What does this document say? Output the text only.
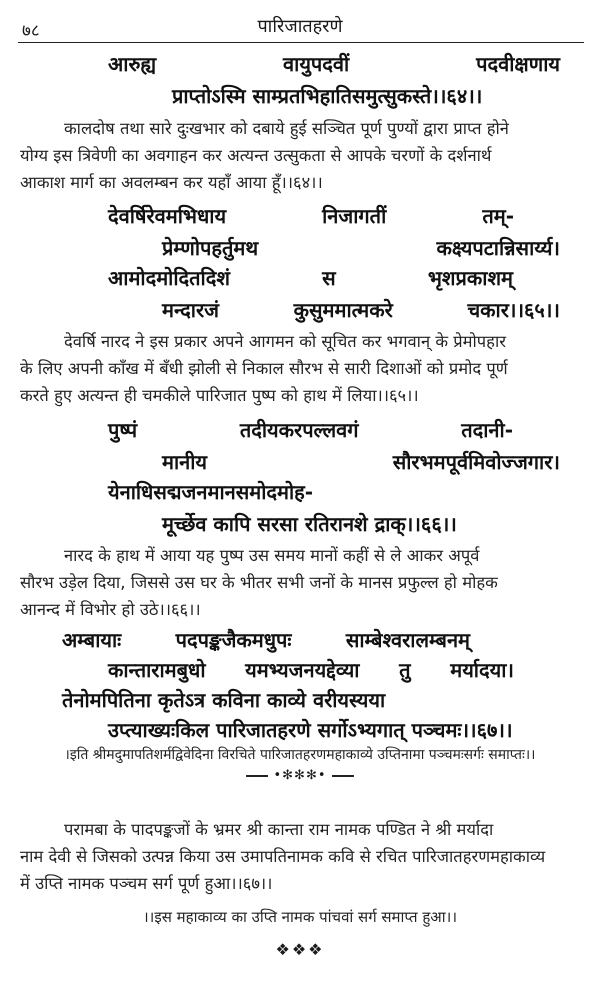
७८	पारिजातहरणे
आरुह्य	वायुपदवीं	पदवीक्षणाय
प्राप्तोऽस्मि साम्प्रतभिहातिसमुत्सुकस्ते।।६४।।
कालदोष तथा सारे दुःखभार को दबाये हुई सञ्चित पूर्ण पुण्यों द्वारा प्राप्त होने
योग्य इस त्रिवेणी का अवगाहन कर अत्यन्त उत्सुकता से आपके चरणों के दर्शनार्थ
आकाश मार्ग का अवलम्बन कर यहाँ आया हूँ।।६४।।
देवर्षिरेवमभिधाय	निजागतीं	तम्-
प्रेम्णोपहर्तुमथ	कक्ष्यपटान्निसार्य्य।
आमोदमोदितदिशं	स	भृशप्रकाशम्
मन्दारजं	कुसुममात्मकरे	चकार।।६५।।
देवर्षि नारद ने इस प्रकार अपने आगमन को सूचित कर भगवान् के प्रेमोपहार
के लिए अपनी काँख में बँधी झोली से निकाल सौरभ से सारी दिशाओं को प्रमोद पूर्ण
करते हुए अत्यन्त ही चमकीले पारिजात पुष्प को हाथ में लिया।।६५।।
पुष्पं	तदीयकरपल्लवगं	तदानी-
मानीय	सौरभमपूर्वमिवोज्जगार।
येनाधिसद्मजनमानसमोदमोह-
मूर्च्छेव कापि सरसा रतिरानशे द्राक्।।६६।।
नारद के हाथ में आया यह पुष्प उस समय मानों कहीं से ले आकर अपूर्व
सौरभ उड़ेल दिया, जिससे उस घर के भीतर सभी जनों के मानस प्रफुल्ल हो मोहक
आनन्द में विभोर हो उठे।।६६।।
अम्बायाः	पदपङ्कजैकमधुपः	साम्बेश्वरालम्बनम्
कान्तारामबुधो यमभ्यजनयद्देव्या तु मर्यादया।
तेनोमपितिना कृतेऽत्र कविना काव्ये वरीयस्यया
उप्त्याख्यःकिल पारिजातहरणे सर्गोऽभ्यगात् पञ्चमः।।६७।।
।इति श्रीमदुमापतिशर्मद्विवेदिना विरचिते पारिजातहरणमहाकाव्ये उप्तिनामा पञ्चमःसर्गः समाप्तः।।
•✻✻✻•
परामबा के पादपङ्कजों के भ्रमर श्री कान्ता राम नामक पण्डित ने श्री मर्यादा
नाम देवी से जिसको उत्पन्न किया उस उमापतिनामक कवि से रचित पारिजातहरणमहाकाव्य
में उप्ति नामक पञ्चम सर्ग पूर्ण हुआ।।६७।।
।।इस महाकाव्य का उप्ति नामक पांचवां सर्ग समाप्त हुआ।।
❖❖❖
